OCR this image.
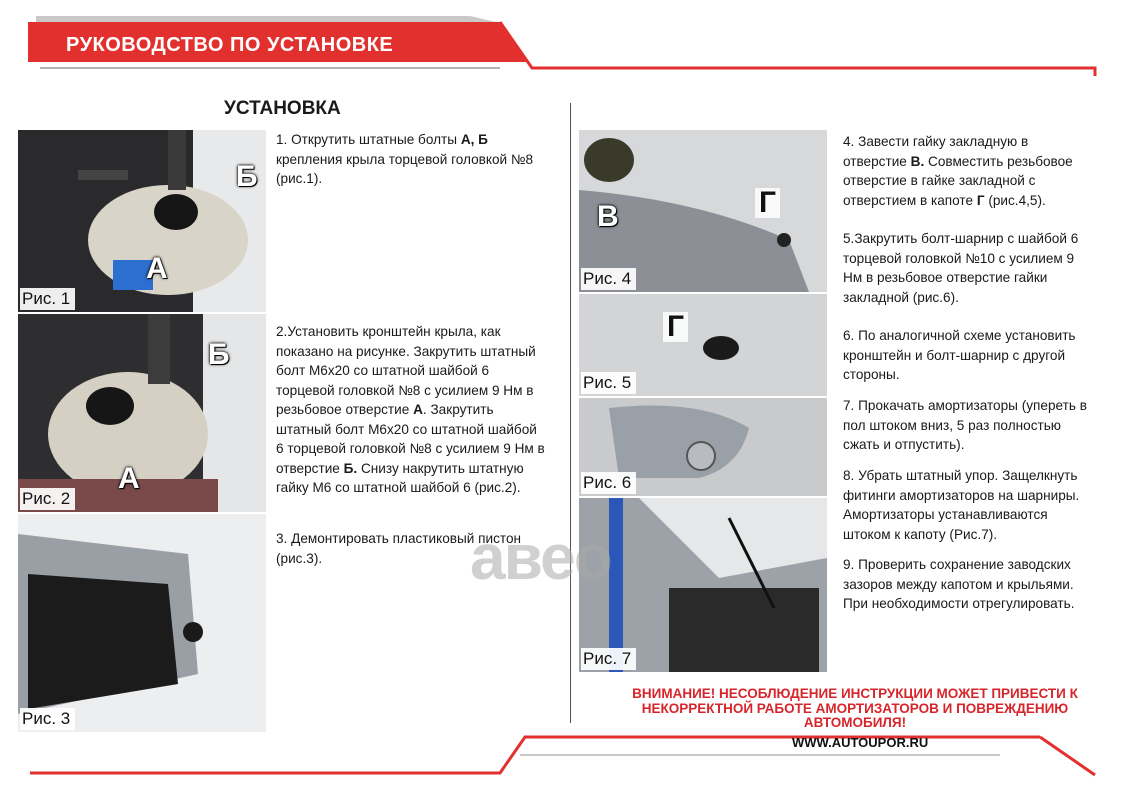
РУКОВОДСТВО ПО УСТАНОВКЕ
УСТАНОВКА
Б
А
Рис. 1
Б
А
Рис. 2
Рис. 3
1. Открутить штатные болты А, Б крепления крыла торцевой головкой №8 (рис.1).
2.Установить кронштейн крыла, как показано на рисунке. Закрутить штатный болт М6х20 со штатной шайбой 6 торцевой головкой №8 с усилием 9 Нм в резьбовое отверстие А. Закрутить штатный болт М6х20 со штатной шайбой 6 торцевой головкой №8 с усилием 9 Нм в отверстие Б. Снизу накрутить штатную гайку М6 со штатной шайбой 6 (рис.2).
3. Демонтировать пластиковый пистон (рис.3).
В	Г
Рис. 4
Г
Рис. 5
Рис. 6
Рис. 7
4. Завести гайку закладную в отверстие В. Совместить резьбовое отверстие в гайке закладной с отверстием в капоте Г (рис.4,5).
5.Закрутить болт-шарнир с шайбой 6 торцевой головкой №10 с усилием 9 Нм в резьбовое отверстие гайки закладной (рис.6).
6. По аналогичной схеме установить кронштейн и болт-шарнир с другой стороны.
7. Прокачать амортизаторы (упереть в пол штоком вниз, 5 раз полностью сжать и отпустить).
8. Убрать штатный упор. Защелкнуть фитинги амортизаторов на шарниры. Амортизаторы устанавливаются штоком к капоту (Рис.7).
9. Проверить сохранение заводских зазоров между капотом и крыльями. При необходимости отрегулировать.
авео
ВНИМАНИЕ! НЕСОБЛЮДЕНИЕ ИНСТРУКЦИИ МОЖЕТ ПРИВЕСТИ К НЕКОРРЕКТНОЙ РАБОТЕ АМОРТИЗАТОРОВ И ПОВРЕЖДЕНИЮ АВТОМОБИЛЯ!
WWW.AUTOUPOR.RU
